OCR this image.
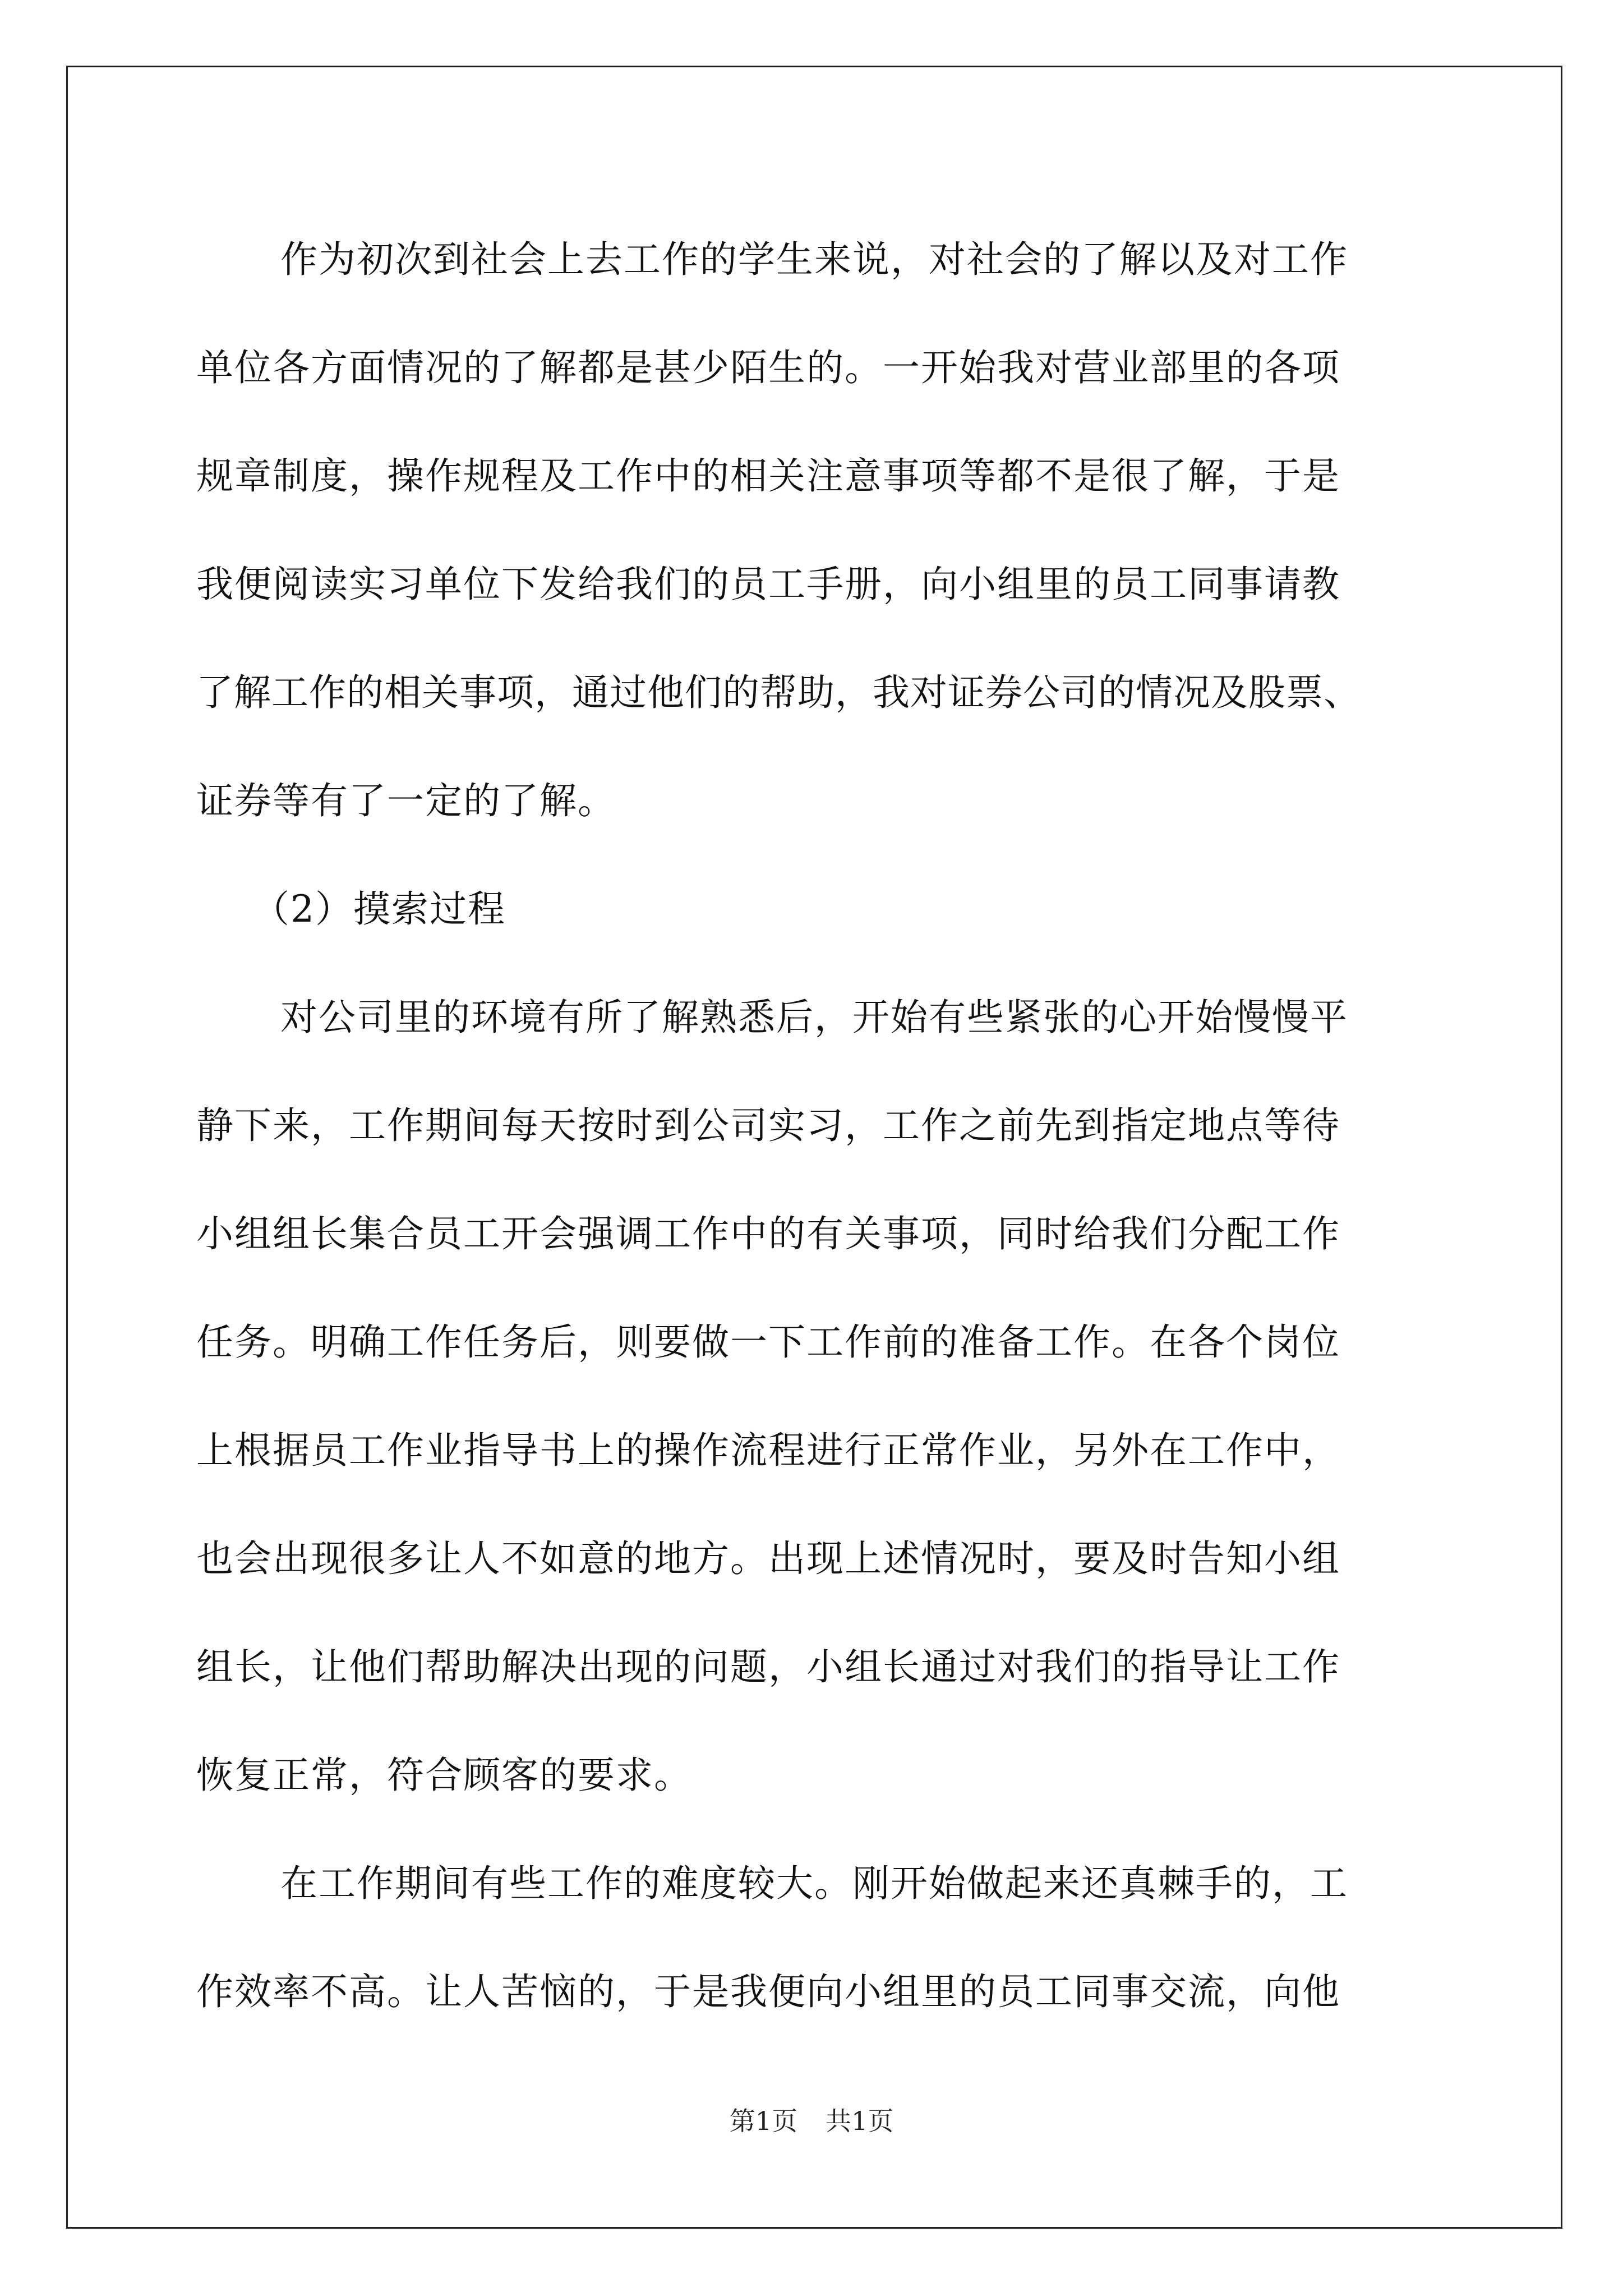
作为初次到社会上去工作的学生来说，对社会的了解以及对工作
单位各方面情况的了解都是甚少陌生的。一开始我对营业部里的各项
规章制度，操作规程及工作中的相关注意事项等都不是很了解，于是
我便阅读实习单位下发给我们的员工手册，向小组里的员工同事请教
了解工作的相关事项，通过他们的帮助，我对证券公司的情况及股票、
证券等有了一定的了解。
（2）摸索过程
对公司里的环境有所了解熟悉后，开始有些紧张的心开始慢慢平
静下来，工作期间每天按时到公司实习，工作之前先到指定地点等待
小组组长集合员工开会强调工作中的有关事项，同时给我们分配工作
任务。明确工作任务后，则要做一下工作前的准备工作。在各个岗位
上根据员工作业指导书上的操作流程进行正常作业，另外在工作中，
也会出现很多让人不如意的地方。出现上述情况时，要及时告知小组
组长，让他们帮助解决出现的问题，小组长通过对我们的指导让工作
恢复正常，符合顾客的要求。
在工作期间有些工作的难度较大。刚开始做起来还真棘手的，工
作效率不高。让人苦恼的，于是我便向小组里的员工同事交流，向他
第1页 共1页
